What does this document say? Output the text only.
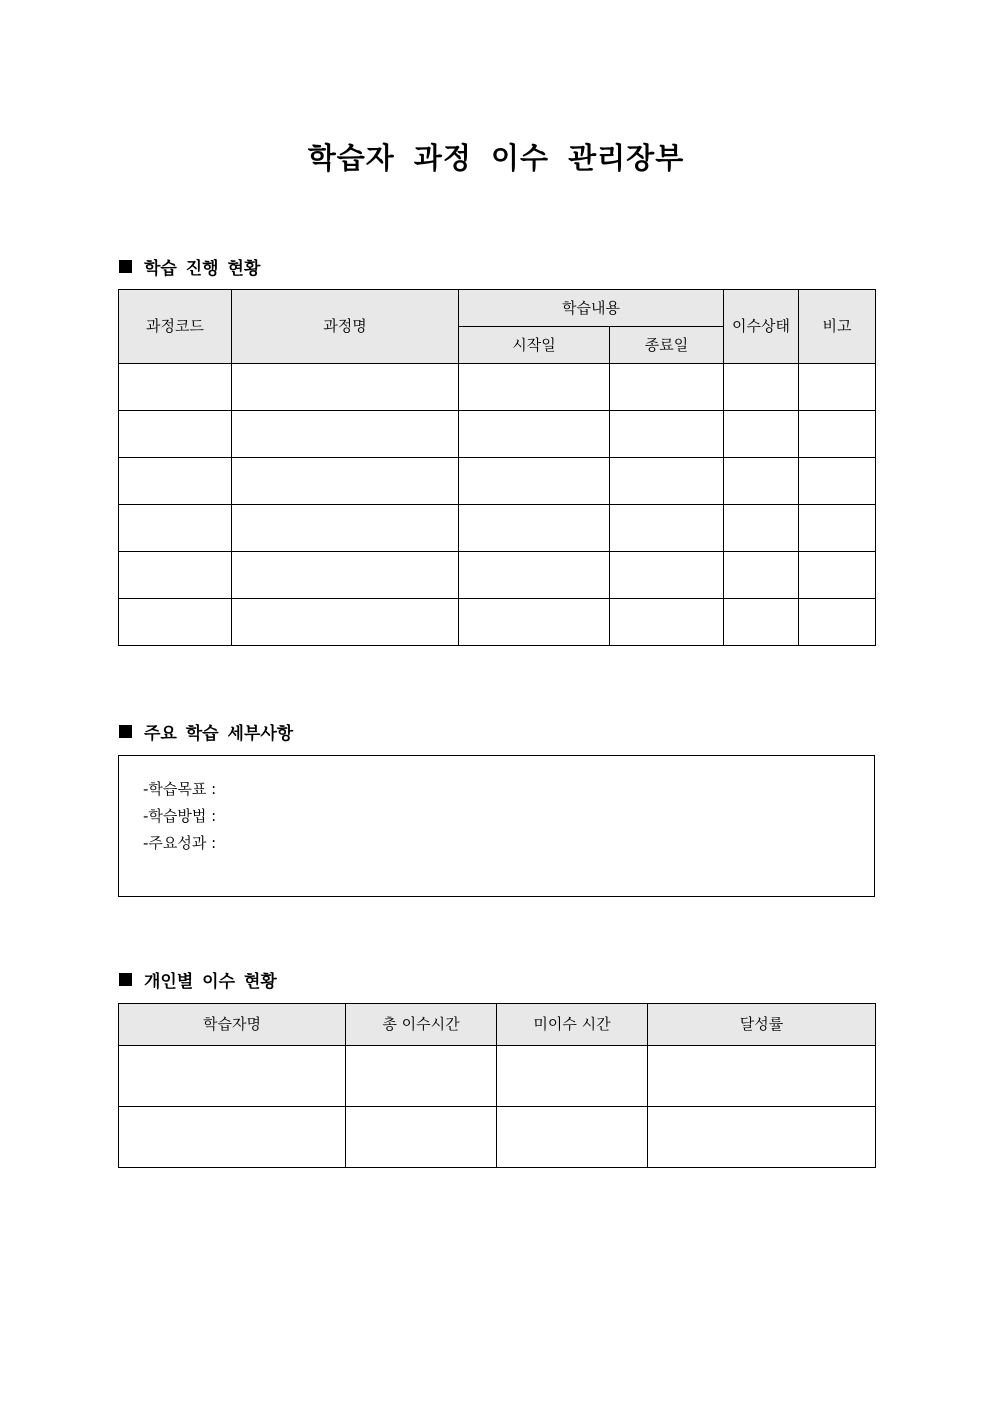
학습자 과정 이수 관리장부
학습 진행 현황
과정코드	과정명	학습내용		이수상태	비고
		시작일	종료일		

주요 학습 세부사항
-학습목표 :
-학습방법 :
-주요성과 :
개인별 이수 현황
학습자명	총 이수시간	미이수 시간	달성률
